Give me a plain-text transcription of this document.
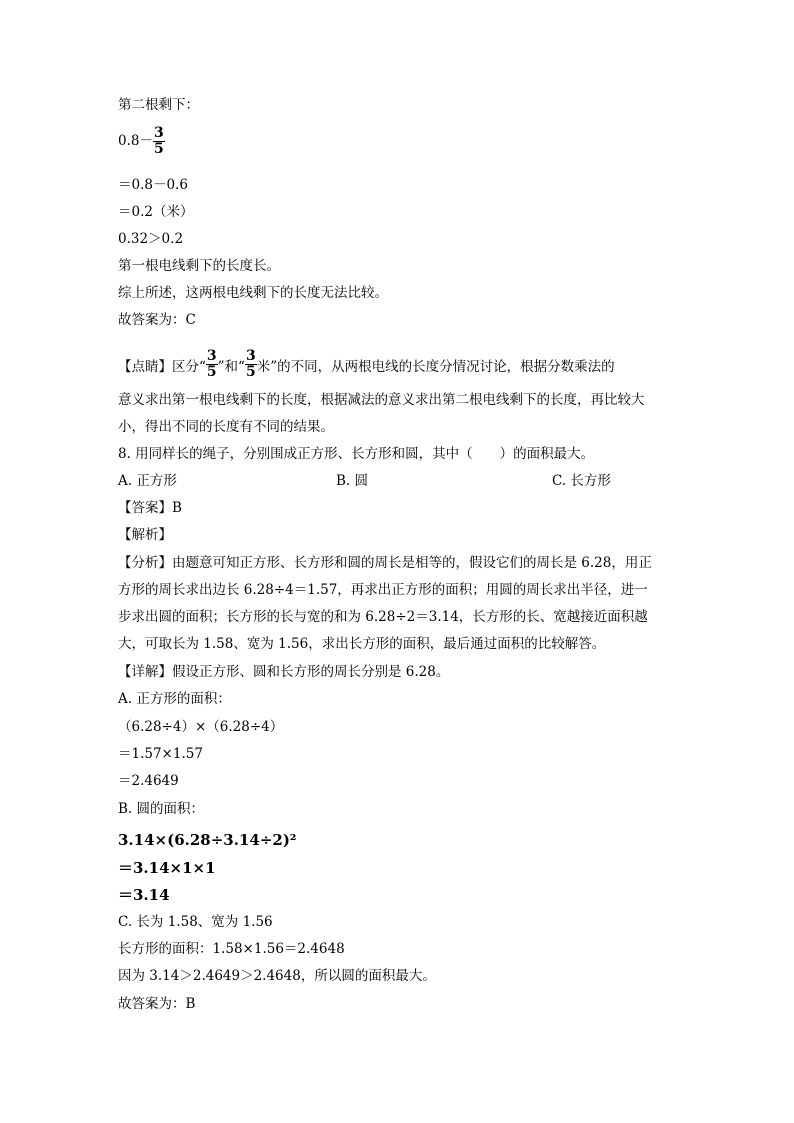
第二根剩下：
$0.8- \frac{3}{5}$
＝0.8－0.6
＝0.2（米）
0.32＞0.2
第一根电线剩下的长度长。
综上所述，这两根电线剩下的长度无法比较。
故答案为：C
【点睛】区分“ $\frac{3}{5}$ ”和“ $\frac{3}{5}$ 米”的不同，从两根电线的长度分情况讨论，根据分数乘法的
意义求出第一根电线剩下的长度，根据减法的意义求出第二根电线剩下的长度，再比较大
小，得出不同的长度有不同的结果。
8. 用同样长的绳子，分别围成正方形、长方形和圆，其中（　　）的面积最大。
A. 正方形	B. 圆	C. 长方形
【答案】B
【解析】
【分析】由题意可知正方形、长方形和圆的周长是相等的，假设它们的周长是 6.28，用正
方形的周长求出边长 6.28÷4＝1.57，再求出正方形的面积；用圆的周长求出半径，进一
步求出圆的面积；长方形的长与宽的和为 6.28÷2＝3.14，长方形的长、宽越接近面积越
大，可取长为 1.58、宽为 1.56，求出长方形的面积，最后通过面积的比较解答。
【详解】假设正方形、圆和长方形的周长分别是 6.28。
A. 正方形的面积：
（6.28÷4）×（6.28÷4）
＝1.57×1.57
＝2.4649
B. 圆的面积：
3.14×(6.28÷3.14÷2)²
＝3.14×1×1
＝3.14
C. 长为 1.58、宽为 1.56
长方形的面积：1.58×1.56＝2.4648
因为 3.14＞2.4649＞2.4648，所以圆的面积最大。
故答案为：B
